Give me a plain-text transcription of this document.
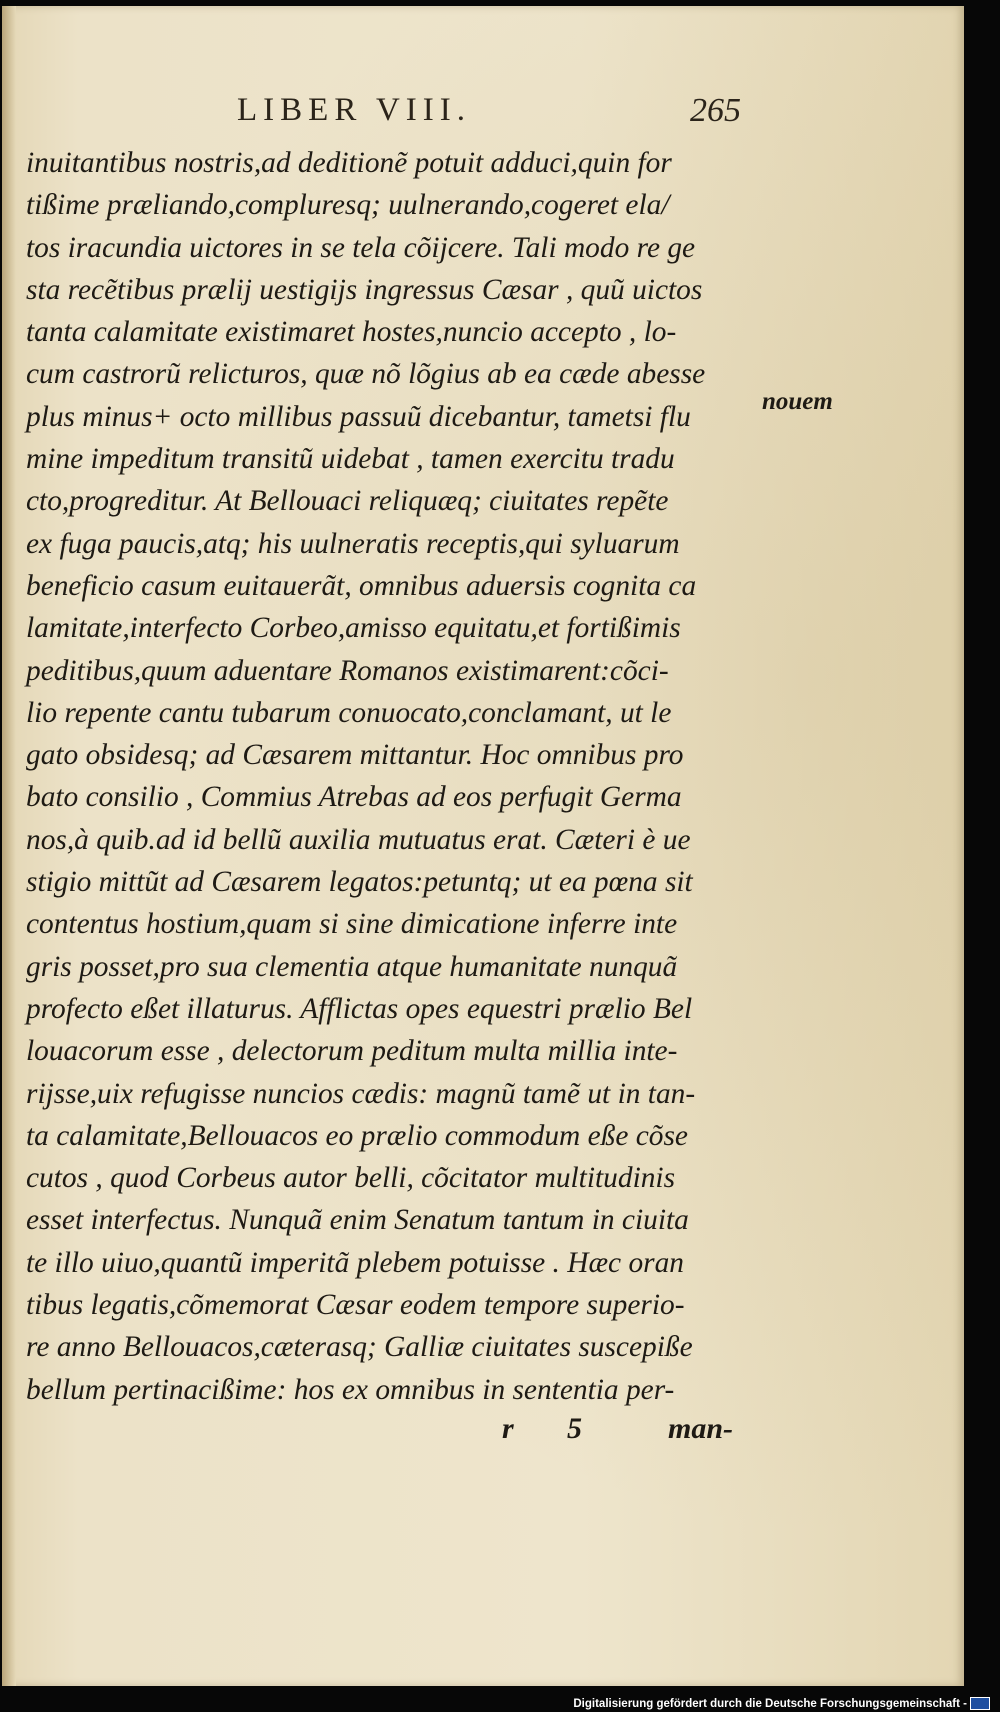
LIBER VIII.	265
inuitantibus nostris,ad deditionẽ potuit adduci,quin for
tißime præliando,compluresq; uulnerando,cogeret ela/
tos iracundia uictores in se tela cõijcere. Tali modo re ge
sta recẽtibus prælij uestigijs ingressus Cæsar , quũ uictos
tanta calamitate existimaret hostes,nuncio accepto , lo-
cum castrorũ relicturos, quæ nõ lõgius ab ea cæde abesse
plus minus+ octo millibus passuũ dicebantur, tametsi flu
mine impeditum transitũ uidebat , tamen exercitu tradu
cto,progreditur. At Bellouaci reliquæq; ciuitates repẽte
ex fuga paucis,atq; his uulneratis receptis,qui syluarum
beneficio casum euitauerãt, omnibus aduersis cognita ca
lamitate,interfecto Corbeo,amisso equitatu,et fortißimis
peditibus,quum aduentare Romanos existimarent:cõci-
lio repente cantu tubarum conuocato,conclamant, ut le
gato obsidesq; ad Cæsarem mittantur. Hoc omnibus pro
bato consilio , Commius Atrebas ad eos perfugit Germa
nos,à quib.ad id bellũ auxilia mutuatus erat. Cæteri è ue
stigio mittũt ad Cæsarem legatos:petuntq; ut ea pœna sit
contentus hostium,quam si sine dimicatione inferre inte
gris posset,pro sua clementia atque humanitate nunquã
profecto eßet illaturus. Afflictas opes equestri prælio Bel
louacorum esse , delectorum peditum multa millia inte-
rijsse,uix refugisse nuncios cædis: magnũ tamẽ ut in tan-
ta calamitate,Bellouacos eo prælio commodum eße cõse
cutos , quod Corbeus autor belli, cõcitator multitudinis
esset interfectus. Nunquã enim Senatum tantum in ciuita
te illo uiuo,quantũ imperitã plebem potuisse . Hæc oran
tibus legatis,cõmemorat Cæsar eodem tempore superio-
re anno Bellouacos,cæterasq; Galliæ ciuitates suscepiße
bellum pertinacißime: hos ex omnibus in sententia per-
nouem
r 5	man-
Digitalisierung gefördert durch die Deutsche Forschungsgemeinschaft -
